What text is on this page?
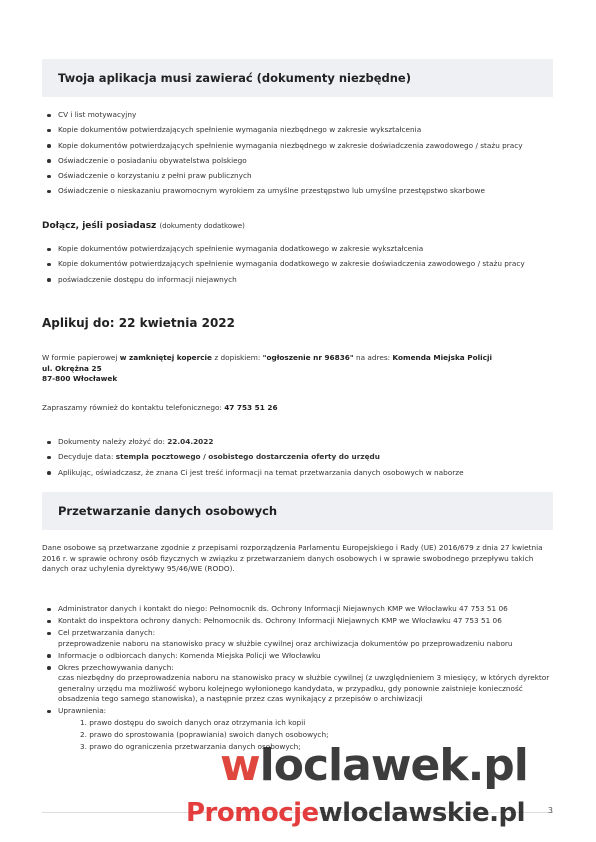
Twoja aplikacja musi zawierać (dokumenty niezbędne)
CV i list motywacyjny
Kopie dokumentów potwierdzających spełnienie wymagania niezbędnego w zakresie wykształcenia
Kopie dokumentów potwierdzających spełnienie wymagania niezbędnego w zakresie doświadczenia zawodowego / stażu pracy
Oświadczenie o posiadaniu obywatelstwa polskiego
Oświadczenie o korzystaniu z pełni praw publicznych
Oświadczenie o nieskazaniu prawomocnym wyrokiem za umyślne przestępstwo lub umyślne przestępstwo skarbowe
Dołącz, jeśli posiadasz (dokumenty dodatkowe)
Kopie dokumentów potwierdzających spełnienie wymagania dodatkowego w zakresie wykształcenia
Kopie dokumentów potwierdzających spełnienie wymagania dodatkowego w zakresie doświadczenia zawodowego / stażu pracy
poświadczenie dostępu do informacji niejawnych
Aplikuj do: 22 kwietnia 2022
W formie papierowej w zamkniętej kopercie z dopiskiem: "ogłoszenie nr 96836" na adres: Komenda Miejska Policji
ul. Okrężna 25
87-800 Włocławek
Zapraszamy również do kontaktu telefonicznego: 47 753 51 26
Dokumenty należy złożyć do: 22.04.2022
Decyduje data: stempla pocztowego / osobistego dostarczenia oferty do urzędu
Aplikując, oświadczasz, że znana Ci jest treść informacji na temat przetwarzania danych osobowych w naborze
Przetwarzanie danych osobowych
Dane osobowe są przetwarzane zgodnie z przepisami rozporządzenia Parlamentu Europejskiego i Rady (UE) 2016/679 z dnia 27 kwietnia 2016 r. w sprawie ochrony osób fizycznych w związku z przetwarzaniem danych osobowych i w sprawie swobodnego przepływu takich danych oraz uchylenia dyrektywy 95/46/WE (RODO).
Administrator danych i kontakt do niego: Pełnomocnik ds. Ochrony Informacji Niejawnych KMP we Włocławku 47 753 51 06
Kontakt do inspektora ochrony danych: Pełnomocnik ds. Ochrony Informacji Niejawnych KMP we Włocławku 47 753 51 06
Cel przetwarzania danych:
przeprowadzenie naboru na stanowisko pracy w służbie cywilnej oraz archiwizacja dokumentów po przeprowadzeniu naboru
Informacje o odbiorcach danych: Komenda Miejska Policji we Włocławku
Okres przechowywania danych:
czas niezbędny do przeprowadzenia naboru na stanowisko pracy w służbie cywilnej (z uwzględnieniem 3 miesięcy, w których dyrektor generalny urzędu ma możliwość wyboru kolejnego wyłonionego kandydata, w przypadku, gdy ponownie zaistnieje konieczność obsadzenia tego samego stanowiska), a następnie przez czas wynikający z przepisów o archiwizacji
Uprawnienia:
1. prawo dostępu do swoich danych oraz otrzymania ich kopii
2. prawo do sprostowania (poprawiania) swoich danych osobowych;
3. prawo do ograniczenia przetwarzania danych osobowych;
3
wloclawek.pl
Promocjewloclawskie.pl
